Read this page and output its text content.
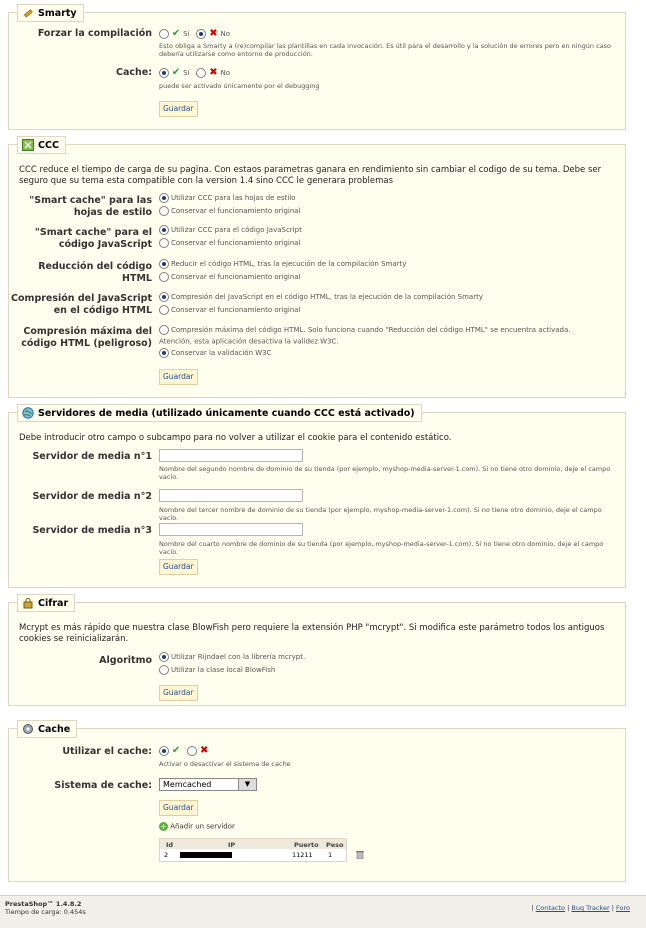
Smarty
Forzar la compilación	✔ Sí ✖ No
Esto obliga a Smarty a (re)compilar las plantillas en cada invocación. Es útil para el desarrollo y la solución de errores pero en ningún caso debería utilizarse como entorno de producción.
Cache:	✔ Sí ✖ No
puede ser activado únicamente por el debugging
Guardar
CCC
CCC reduce el tiempo de carga de su pagina. Con estaos parametras ganara en rendimiento sin cambiar el codigo de su tema. Debe ser seguro que su tema esta compatible con la version 1.4 sino CCC le generara problemas
"Smart cache" para las hojas de estilo
Utilizar CCC para las hojas de estilo
Conservar el funcionamiento original
"Smart cache" para el código JavaScript
Utilizar CCC para el código JavaScript
Conservar el funcionamiento original
Reducción del código HTML
Reducir el código HTML, tras la ejecución de la compilación Smarty
Conservar el funcionamiento original
Compresión del JavaScript en el código HTML
Compresión del JavaScript en el código HTML, tras la ejecución de la compilación Smarty
Conservar el funcionamiento original
Compresión máxima del código HTML (peligroso)
Compresión máxima del código HTML. Solo funciona cuando "Reducción del código HTML" se encuentra activada.
Atención, esta aplicación desactiva la validez W3C.
Conservar la validación W3C
Guardar
Servidores de media (utilizado únicamente cuando CCC está activado)
Debe introducir otro campo o subcampo para no volver a utilizar el cookie para el contenido estático.
Servidor de media n°1
Nombre del segundo nombre de dominio de su tienda (por ejemplo, myshop-media-server-1.com). Si no tiene otro dominio, deje el campo vacío.
Servidor de media n°2
Nombre del tercer nombre de dominio de su tienda (por ejemplo, myshop-media-server-1.com). Si no tiene otro dominio, deje el campo vacío.
Servidor de media n°3
Nombre del cuarto nombre de dominio de su tienda (por ejemplo, myshop-media-server-1.com). Si no tiene otro dominio, deje el campo vacío.
Guardar
Cifrar
Mcrypt es más rápido que nuestra clase BlowFish pero requiere la extensión PHP "mcrypt". Si modifica este parámetro todos los antiguos cookies se reinicializarán.
Algoritmo	Utilizar Rijndael con la librería mcrypt.
Utilizar la clase local BlowFish
Guardar
Cache
Utilizar el cache:	✔ ✖
Activar o desactivar el sistema de cache
Sistema de cache:	Memcached	▼
Guardar
+ Añadir un servidor
Id	IP	Puerto Peso
2	11211 1
PrestaShop™ 1.4.8.2
Tiempo de carga: 0.454s	| Contacto | Bug Tracker | Foro
